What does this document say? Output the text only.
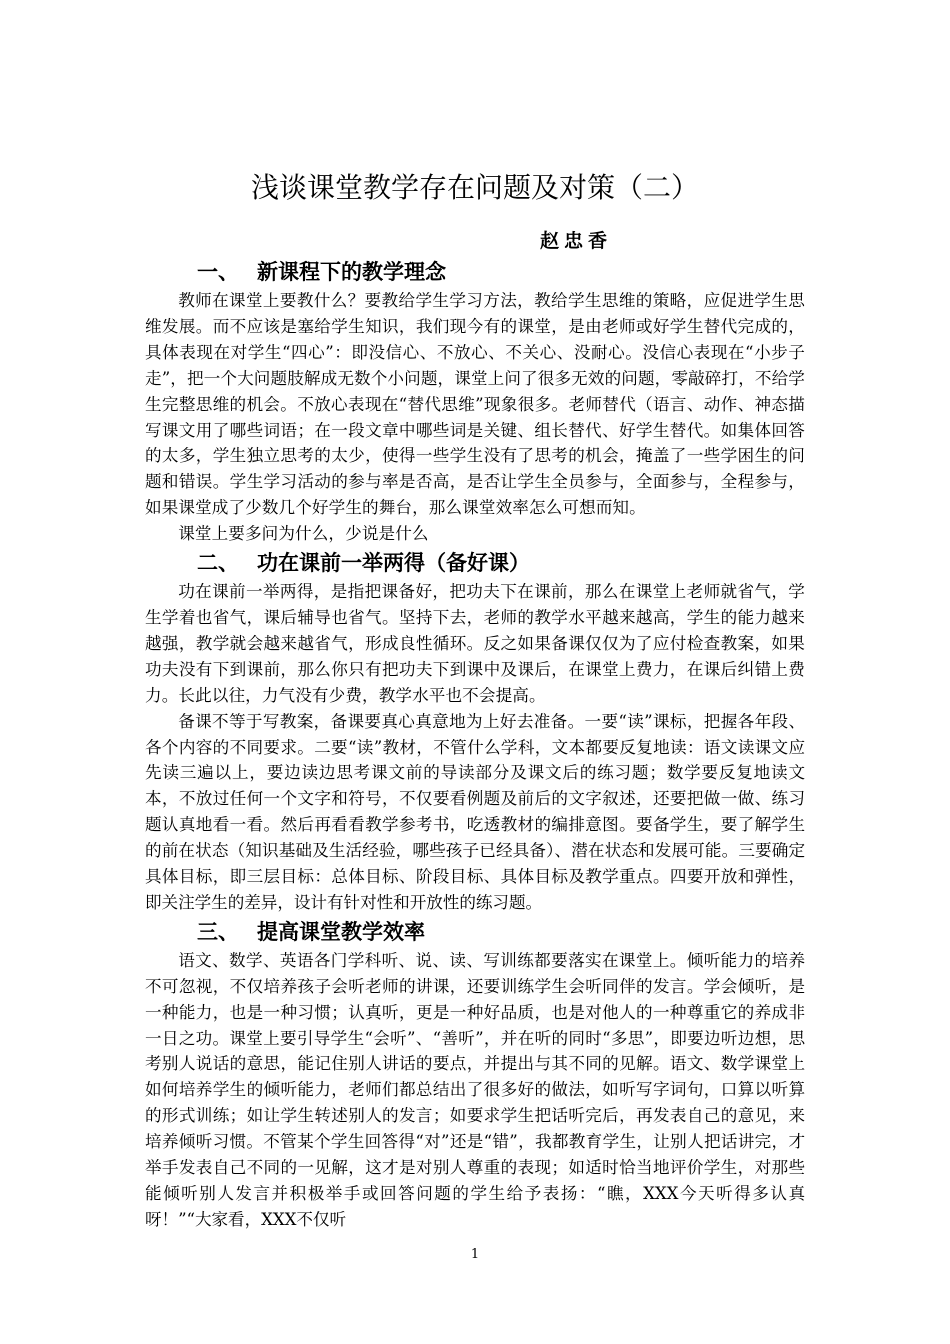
浅谈课堂教学存在问题及对策（二）
赵忠香
一、 新课程下的教学理念

教师在课堂上要教什么？要教给学生学习方法，教给学生思维的策略，应促进学生思维发展。而不应该是塞给学生知识，我们现今有的课堂，是由老师或好学生替代完成的，具体表现在对学生“四心”：即没信心、不放心、不关心、没耐心。没信心表现在“小步子走”，把一个大问题肢解成无数个小问题，课堂上问了很多无效的问题，零敲碎打，不给学生完整思维的机会。不放心表现在“替代思维”现象很多。老师替代（语言、动作、神态描写课文用了哪些词语；在一段文章中哪些词是关键、组长替代、好学生替代。如集体回答的太多，学生独立思考的太少，使得一些学生没有了思考的机会，掩盖了一些学困生的问题和错误。学生学习活动的参与率是否高，是否让学生全员参与，全面参与，全程参与，如果课堂成了少数几个好学生的舞台，那么课堂效率怎么可想而知。

课堂上要多问为什么，少说是什么

二、 功在课前一举两得（备好课）

功在课前一举两得，是指把课备好，把功夫下在课前，那么在课堂上老师就省气，学生学着也省气，课后辅导也省气。坚持下去，老师的教学水平越来越高，学生的能力越来越强，教学就会越来越省气，形成良性循环。反之如果备课仅仅为了应付检查教案，如果功夫没有下到课前，那么你只有把功夫下到课中及课后，在课堂上费力，在课后纠错上费力。长此以往，力气没有少费，教学水平也不会提高。

备课不等于写教案，备课要真心真意地为上好去准备。一要“读”课标，把握各年段、各个内容的不同要求。二要“读”教材，不管什么学科，文本都要反复地读：语文读课文应先读三遍以上，要边读边思考课文前的导读部分及课文后的练习题；数学要反复地读文本，不放过任何一个文字和符号，不仅要看例题及前后的文字叙述，还要把做一做、练习题认真地看一看。然后再看看教学参考书，吃透教材的编排意图。要备学生，要了解学生的前在状态（知识基础及生活经验，哪些孩子已经具备）、潜在状态和发展可能。三要确定具体目标，即三层目标：总体目标、阶段目标、具体目标及教学重点。四要开放和弹性，即关注学生的差异，设计有针对性和开放性的练习题。

三、 提高课堂教学效率

语文、数学、英语各门学科听、说、读、写训练都要落实在课堂上。倾听能力的培养不可忽视，不仅培养孩子会听老师的讲课，还要训练学生会听同伴的发言。学会倾听，是一种能力，也是一种习惯；认真听，更是一种好品质，也是对他人的一种尊重它的养成非一日之功。课堂上要引导学生“会听”、“善听”，并在听的同时“多思”，即要边听边想，思考别人说话的意思，能记住别人讲话的要点，并提出与其不同的见解。语文、数学课堂上如何培养学生的倾听能力，老师们都总结出了很多好的做法，如听写字词句，口算以听算的形式训练；如让学生转述别人的发言；如要求学生把话听完后，再发表自己的意见，来培养倾听习惯。不管某个学生回答得“对”还是“错”，我都教育学生，让别人把话讲完，才举手发表自己不同的一见解，这才是对别人尊重的表现；如适时恰当地评价学生，对那些能倾听别人发言并积极举手或回答问题的学生给予表扬：“瞧，XXX今天听得多认真呀！”“大家看，XXX不仅听

1
